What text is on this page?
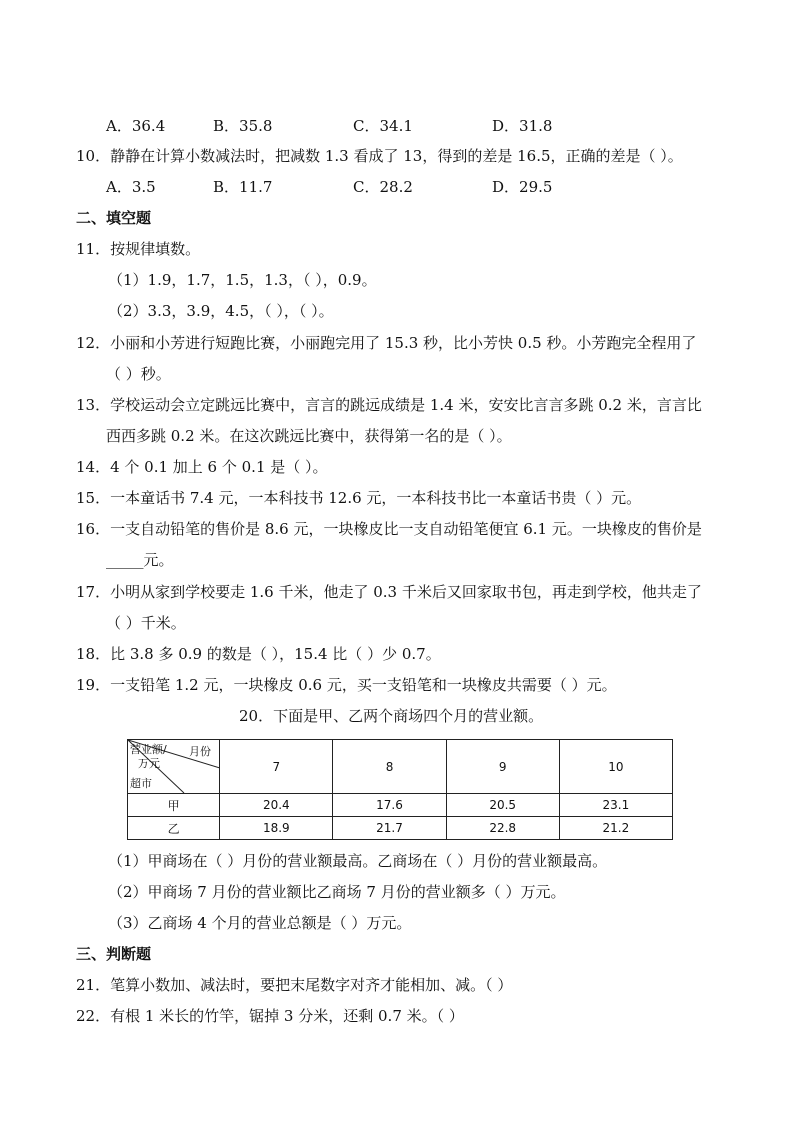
A．36.4	B．35.8	C．34.1	D．31.8
10．静静在计算小数减法时，把减数 1.3 看成了 13，得到的差是 16.5，正确的差是（ ）。
A．3.5	B．11.7	C．28.2	D．29.5
二、填空题
11．按规律填数。
（1）1.9，1.7，1.5，1.3，（ ），0.9。
（2）3.3，3.9，4.5，（ ），（ ）。
12．小丽和小芳进行短跑比赛，小丽跑完用了 15.3 秒，比小芳快 0.5 秒。小芳跑完全程用了
（ ）秒。
13．学校运动会立定跳远比赛中，言言的跳远成绩是 1.4 米，安安比言言多跳 0.2 米，言言比
西西多跳 0.2 米。在这次跳远比赛中，获得第一名的是（ ）。
14．4 个 0.1 加上 6 个 0.1 是（ ）。
15．一本童话书 7.4 元，一本科技书 12.6 元，一本科技书比一本童话书贵（ ）元。
16．一支自动铅笔的售价是 8.6 元，一块橡皮比一支自动铅笔便宜 6.1 元。一块橡皮的售价是
_____元。
17．小明从家到学校要走 1.6 千米，他走了 0.3 千米后又回家取书包，再走到学校，他共走了
（ ）千米。
18．比 3.8 多 0.9 的数是（ ），15.4 比（ ）少 0.7。
19．一支铅笔 1.2 元，一块橡皮 0.6 元，买一支铅笔和一块橡皮共需要（ ）元。
20．下面是甲、乙两个商场四个月的营业额。
月份
营业额/
万元
超市	7	8	9	10
甲	20.4	17.6	20.5	23.1
乙	18.9	21.7	22.8	21.2
（1）甲商场在（ ）月份的营业额最高。乙商场在（ ）月份的营业额最高。
（2）甲商场 7 月份的营业额比乙商场 7 月份的营业额多（ ）万元。
（3）乙商场 4 个月的营业总额是（ ）万元。
三、判断题
21．笔算小数加、减法时，要把末尾数字对齐才能相加、减。（ ）
22．有根 1 米长的竹竿，锯掉 3 分米，还剩 0.7 米。（ ）
